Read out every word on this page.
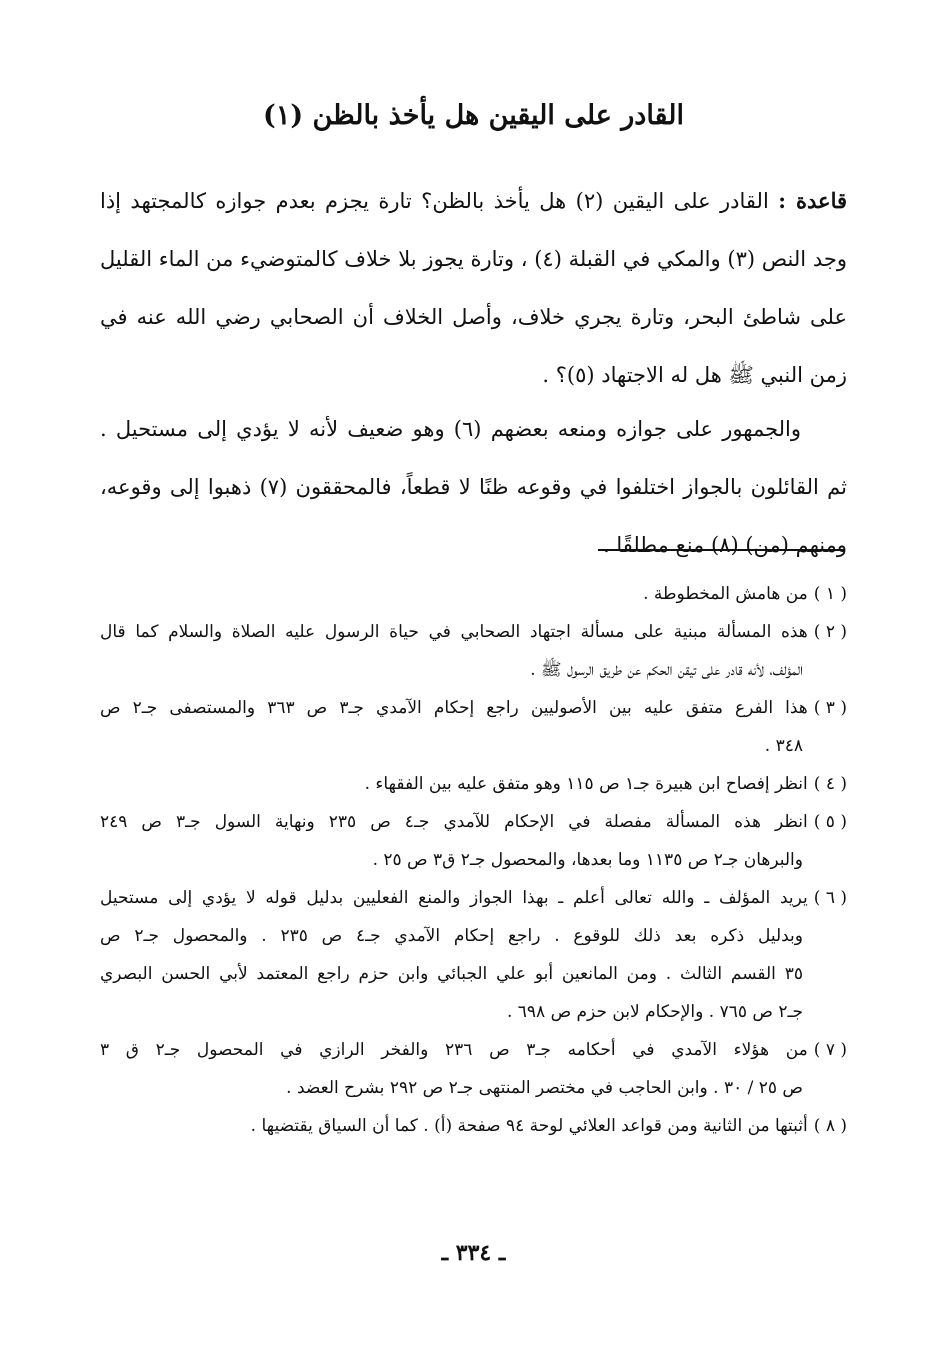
القادر على اليقين هل يأخذ بالظن (١)
قاعدة : القادر على اليقين (٢) هل يأخذ بالظن؟ تارة يجزم بعدم جوازه كالمجتهد إذا
وجد النص (٣) والمكي في القبلة (٤) ، وتارة يجوز بلا خلاف كالمتوضيء من الماء القليل
على شاطئ البحر، وتارة يجري خلاف، وأصل الخلاف أن الصحابي رضي الله عنه في
زمن النبي ﷺ هل له الاجتهاد (٥)؟ .
والجمهور على جوازه ومنعه بعضهم (٦) وهو ضعيف لأنه لا يؤدي إلى مستحيل .
ثم القائلون بالجواز اختلفوا في وقوعه ظنًا لا قطعاً، فالمحققون (٧) ذهبوا إلى وقوعه،
ومنهم (من) (٨) منع مطلقًا .
( ١ )من هامش المخطوطة .
( ٢ )هذه المسألة مبنية على مسألة اجتهاد الصحابي في حياة الرسول عليه الصلاة والسلام كما قال
المؤلف، لأنه قادر على تيقن الحكم عن طريق الرسول ﷺ .
( ٣ )هذا الفرع متفق عليه بين الأصوليين راجع إحكام الآمدي جـ٣ ص ٣٦٣ والمستصفى جـ٢ ص
٣٤٨ .
( ٤ )انظر إفصاح ابن هبيرة جـ١ ص ١١٥ وهو متفق عليه بين الفقهاء .
( ٥ )انظر هذه المسألة مفصلة في الإحكام للآمدي جـ٤ ص ٢٣٥ ونهاية السول جـ٣ ص ٢٤٩
والبرهان جـ٢ ص ١١٣٥ وما بعدها، والمحصول جـ٢ ق٣ ص ٢٥ .
( ٦ )يريد المؤلف ـ والله تعالى أعلم ـ بهذا الجواز والمنع الفعليين بدليل قوله لا يؤدي إلى مستحيل
وبدليل ذكره بعد ذلك للوقوع . راجع إحكام الآمدي جـ٤ ص ٢٣٥ . والمحصول جـ٢ ص
٣٥ القسم الثالث . ومن المانعين أبو علي الجبائي وابن حزم راجع المعتمد لأبي الحسن البصري
جـ٢ ص ٧٦٥ . والإحكام لابن حزم ص ٦٩٨ .
( ٧ )من هؤلاء الآمدي في أحكامه جـ٣ ص ٢٣٦ والفخر الرازي في المحصول جـ٢ ق ٣
ص ٢٥ / ٣٠ . وابن الحاجب في مختصر المنتهى جـ٢ ص ٢٩٢ بشرح العضد .
( ٨ )أثبتها من الثانية ومن قواعد العلائي لوحة ٩٤ صفحة (أ) . كما أن السياق يقتضيها .
ـ ٣٣٤ ـ
